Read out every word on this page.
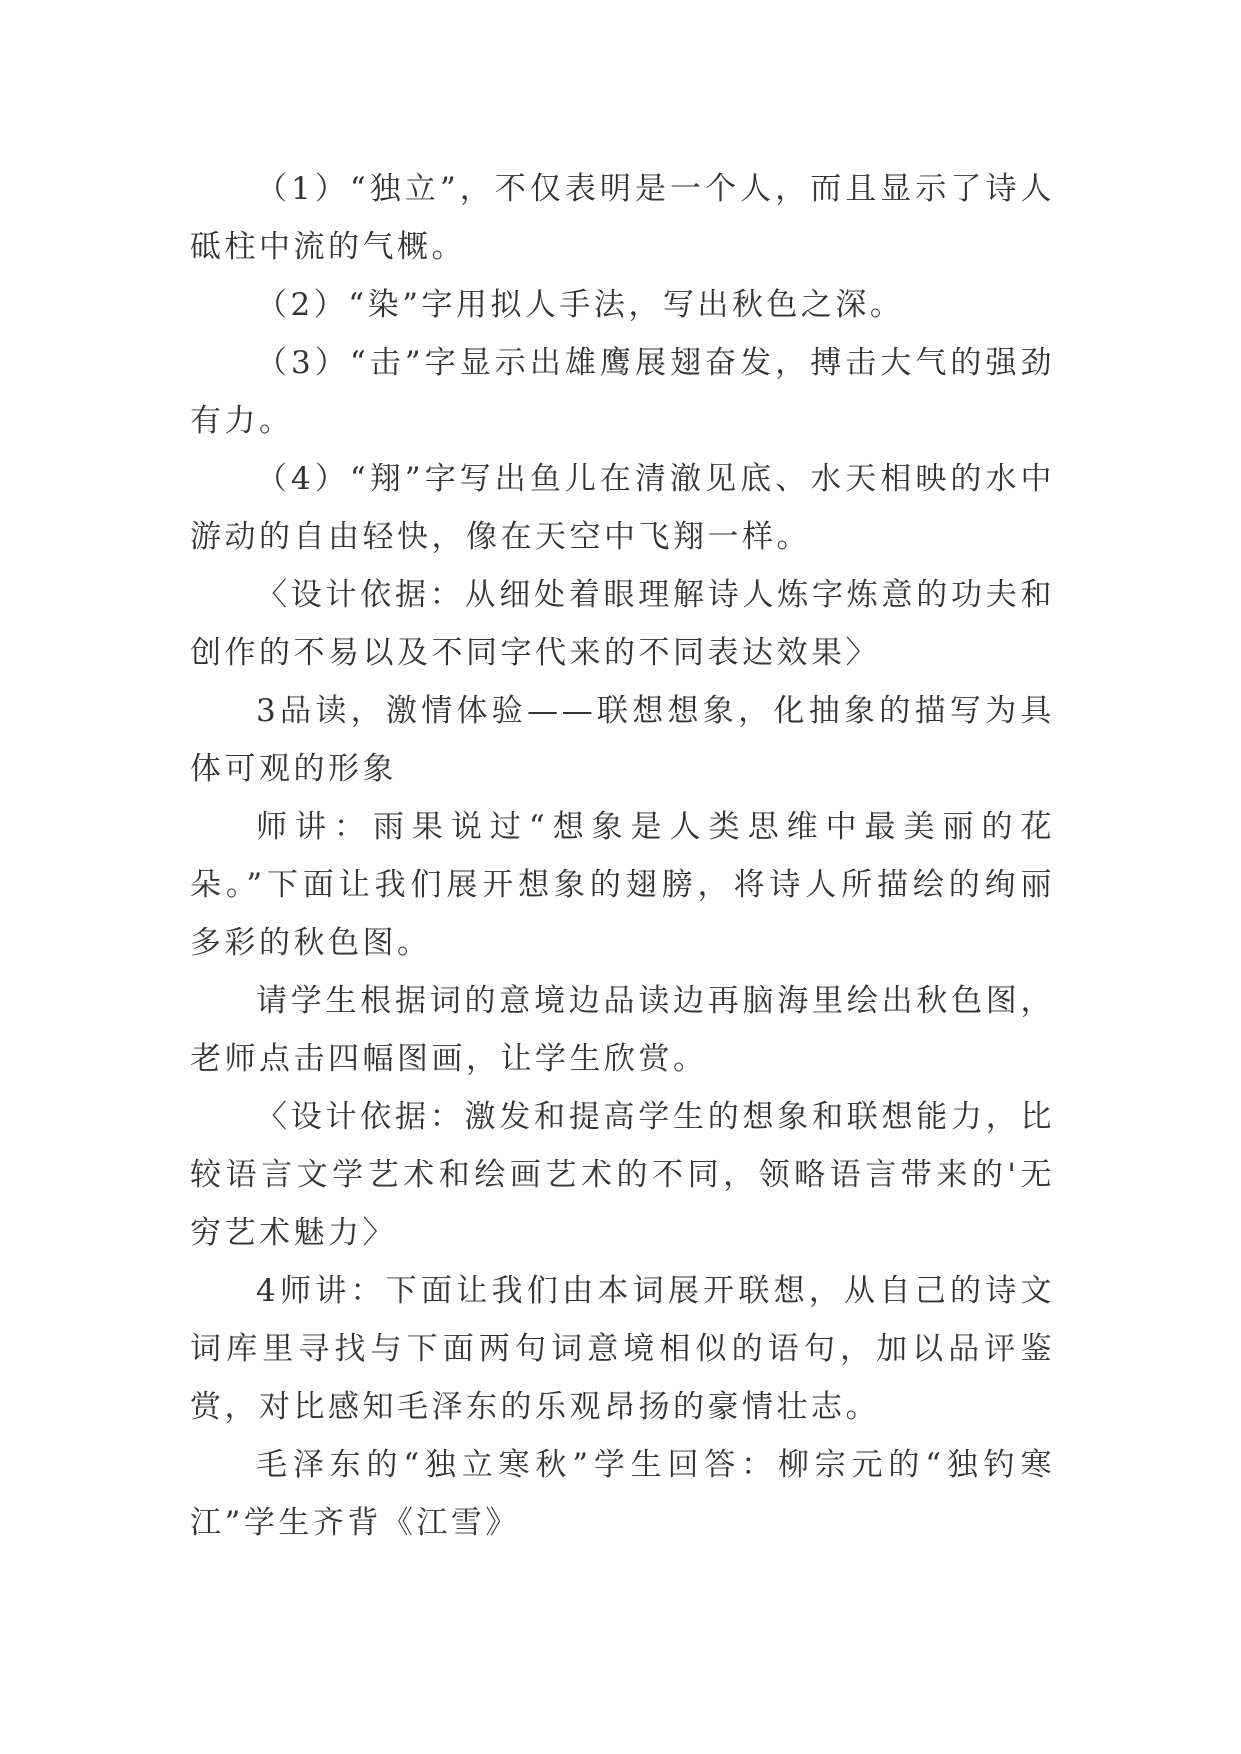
（1）“独立”，不仅表明是一个人，而且显示了诗人砥柱中流的气概。

（2）“染”字用拟人手法，写出秋色之深。

（3）“击”字显示出雄鹰展翅奋发，搏击大气的强劲有力。

（4）“翔”字写出鱼儿在清澈见底、水天相映的水中游动的自由轻快，像在天空中飞翔一样。

〈设计依据：从细处着眼理解诗人炼字炼意的功夫和创作的不易以及不同字代来的不同表达效果〉

3品读，激情体验——联想想象，化抽象的描写为具体可观的形象

师讲：雨果说过“想象是人类思维中最美丽的花朵。”下面让我们展开想象的翅膀，将诗人所描绘的绚丽多彩的秋色图。

请学生根据词的意境边品读边再脑海里绘出秋色图，老师点击四幅图画，让学生欣赏。

〈设计依据：激发和提高学生的想象和联想能力，比较语言文学艺术和绘画艺术的不同，领略语言带来的'无穷艺术魅力〉

4师讲：下面让我们由本词展开联想，从自己的诗文词库里寻找与下面两句词意境相似的语句，加以品评鉴赏，对比感知毛泽东的乐观昂扬的豪情壮志。

毛泽东的“独立寒秋”学生回答：柳宗元的“独钓寒江”学生齐背《江雪》
